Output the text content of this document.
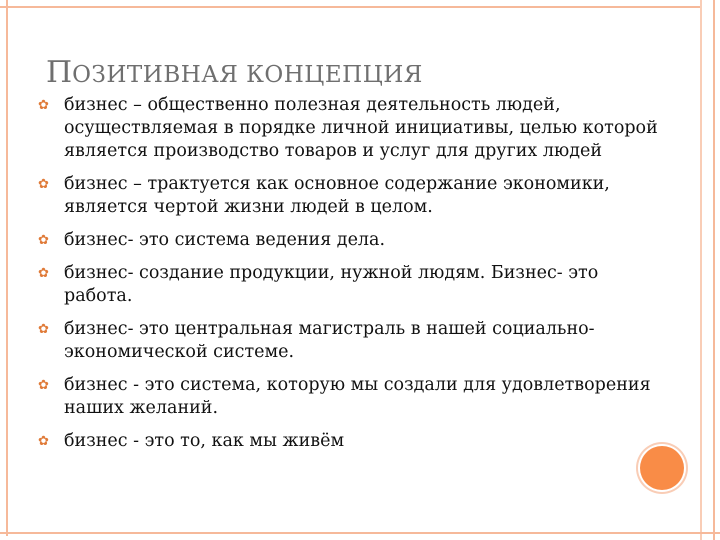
ПОЗИТИВНАЯ КОНЦЕПЦИЯ
✿ бизнес – общественно полезная деятельность людей, осуществляемая в порядке личной инициативы, целью которой является производство товаров и услуг для других людей
✿ бизнес – трактуется как основное содержание экономики, является чертой жизни людей в целом.
✿ бизнес- это система ведения дела.
✿ бизнес- создание продукции, нужной людям. Бизнес- это работа.
✿ бизнес- это центральная магистраль в нашей социально-экономической системе.
✿ бизнес - это система, которую мы создали для удовлетворения наших желаний.
✿ бизнес - это то, как мы живём
